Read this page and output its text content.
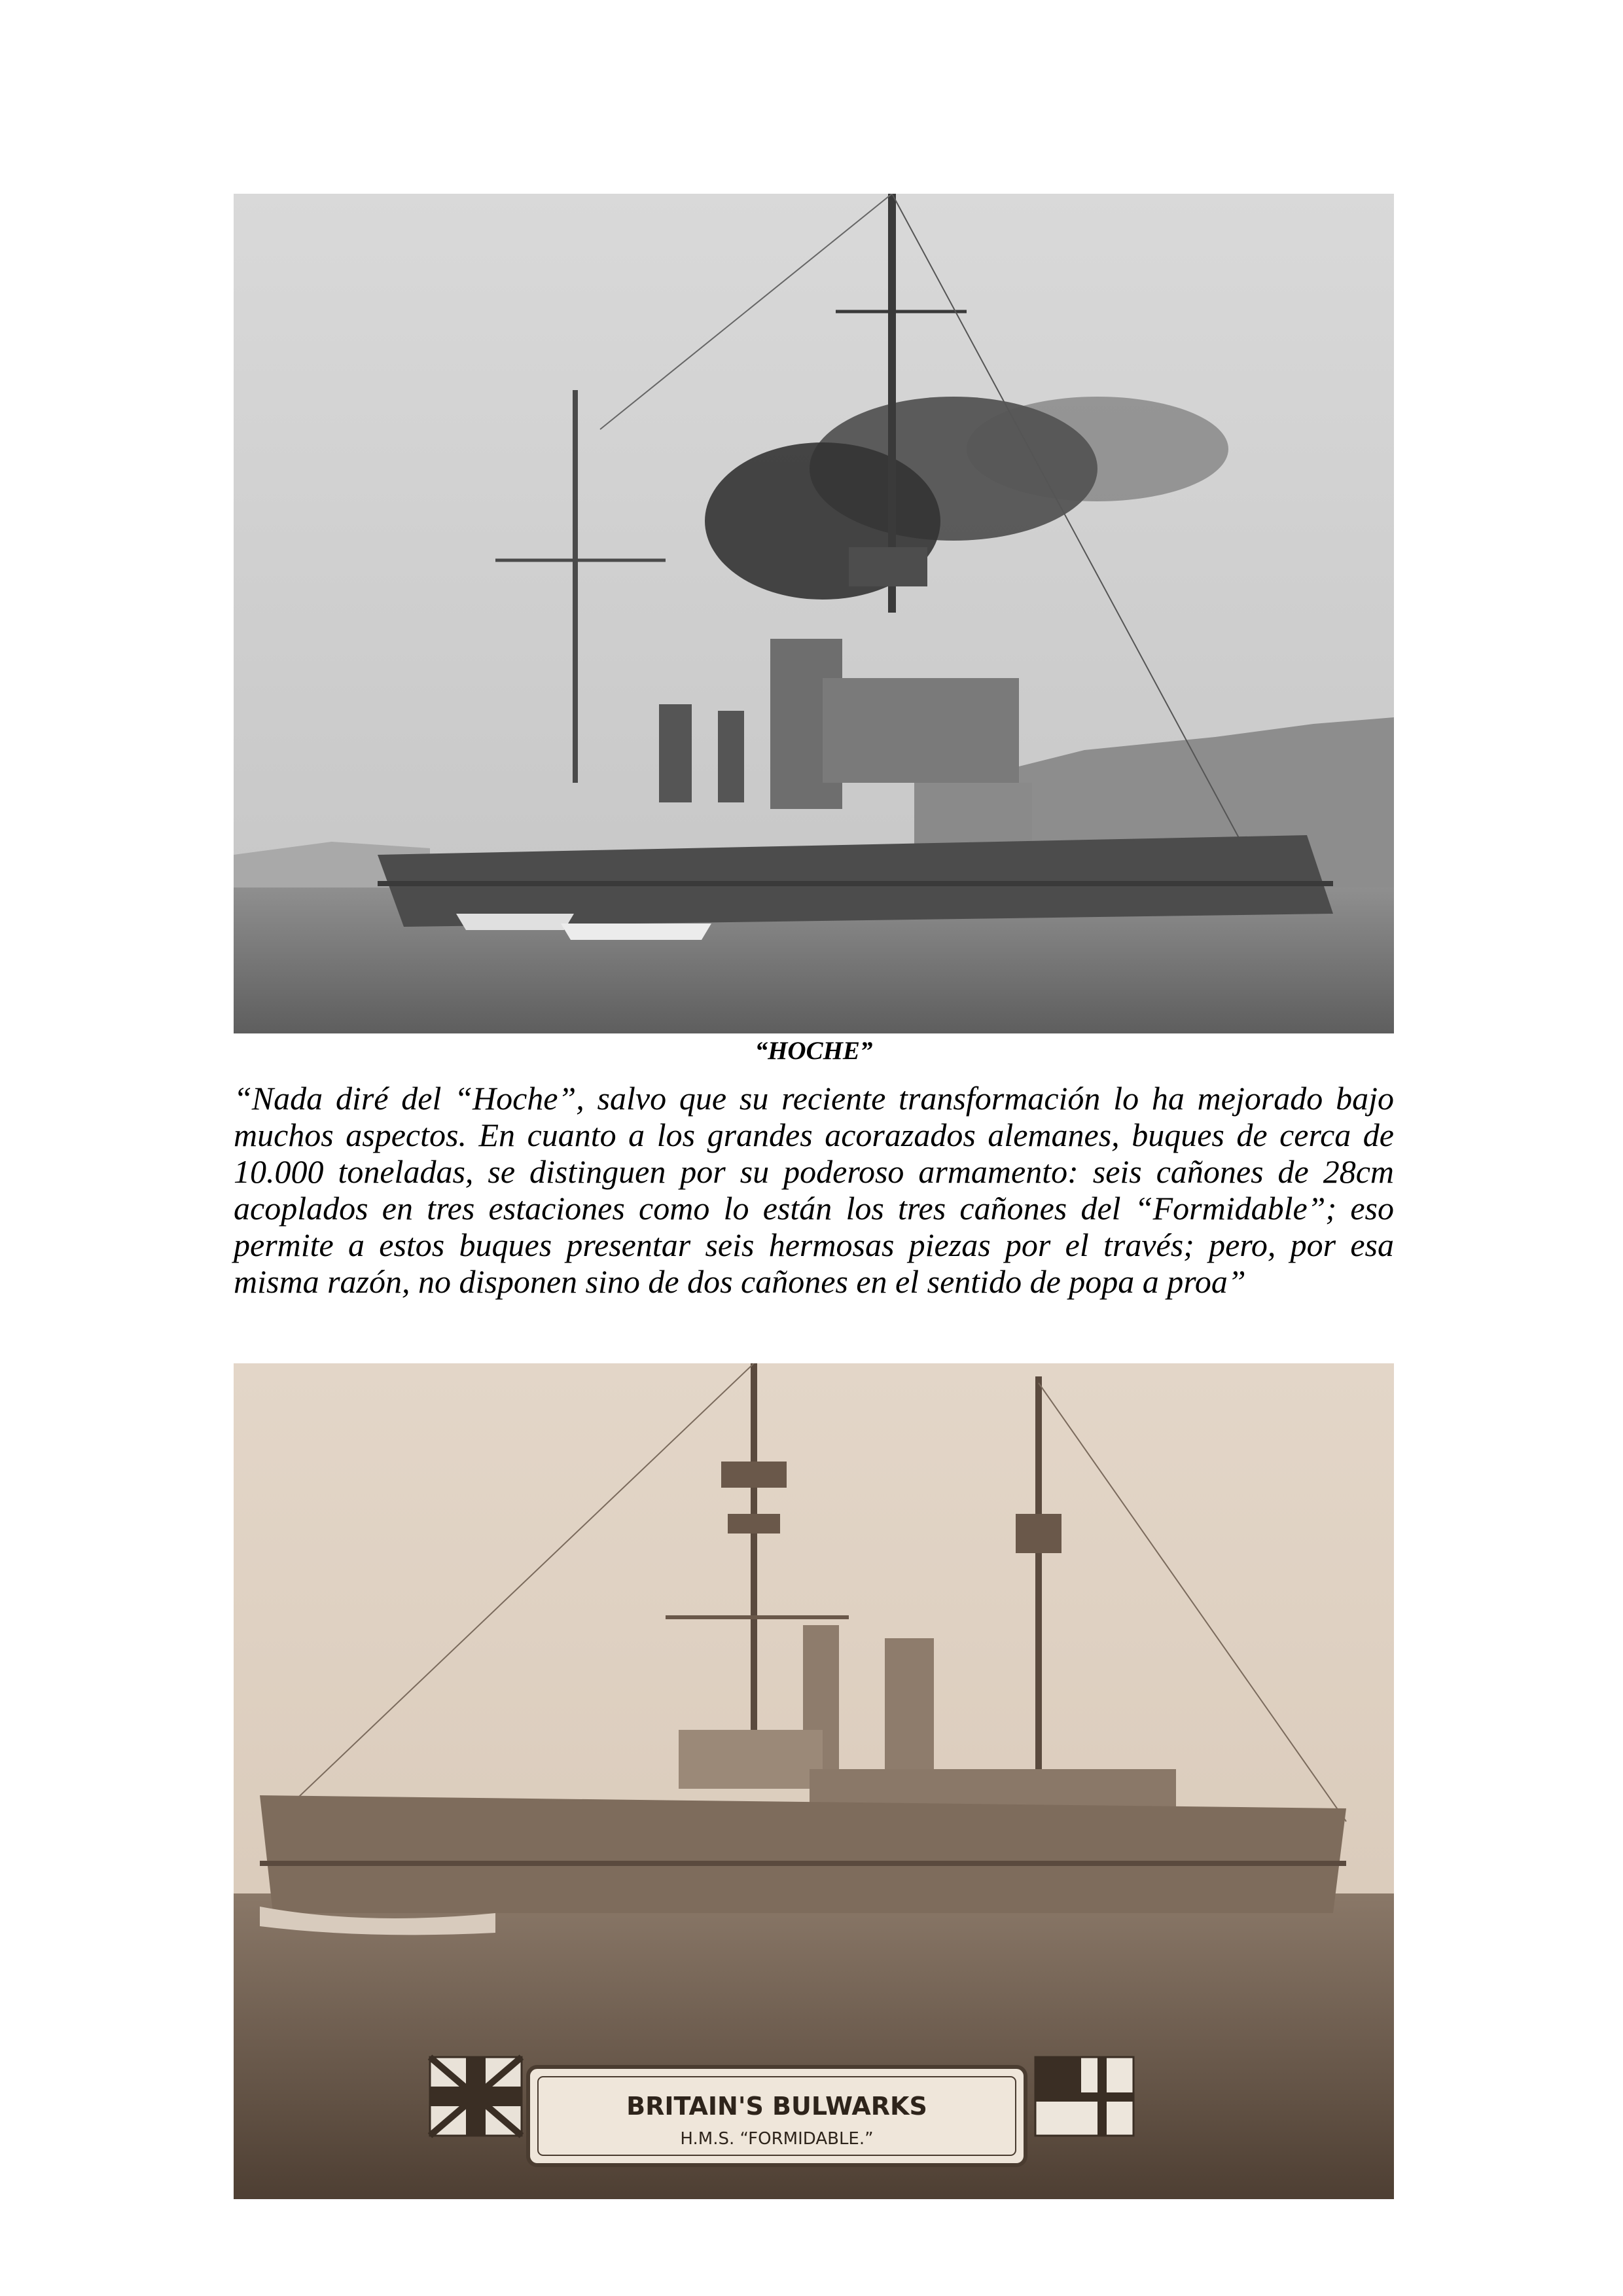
“HOCHE”

“Nada diré del “Hoche”, salvo que su reciente transformación lo ha mejorado bajo
muchos aspectos. En cuanto a los grandes acorazados alemanes, buques de cerca de
10.000 toneladas, se distinguen por su poderoso armamento: seis cañones de 28cm
acoplados en tres estaciones como lo están los tres cañones del “Formidable”; eso
permite a estos buques presentar seis hermosas piezas por el través; pero, por esa
misma razón, no disponen sino de dos cañones en el sentido de popa a proa”

BRITAIN'S BULWARKS
H.M.S. “FORMIDABLE.”
